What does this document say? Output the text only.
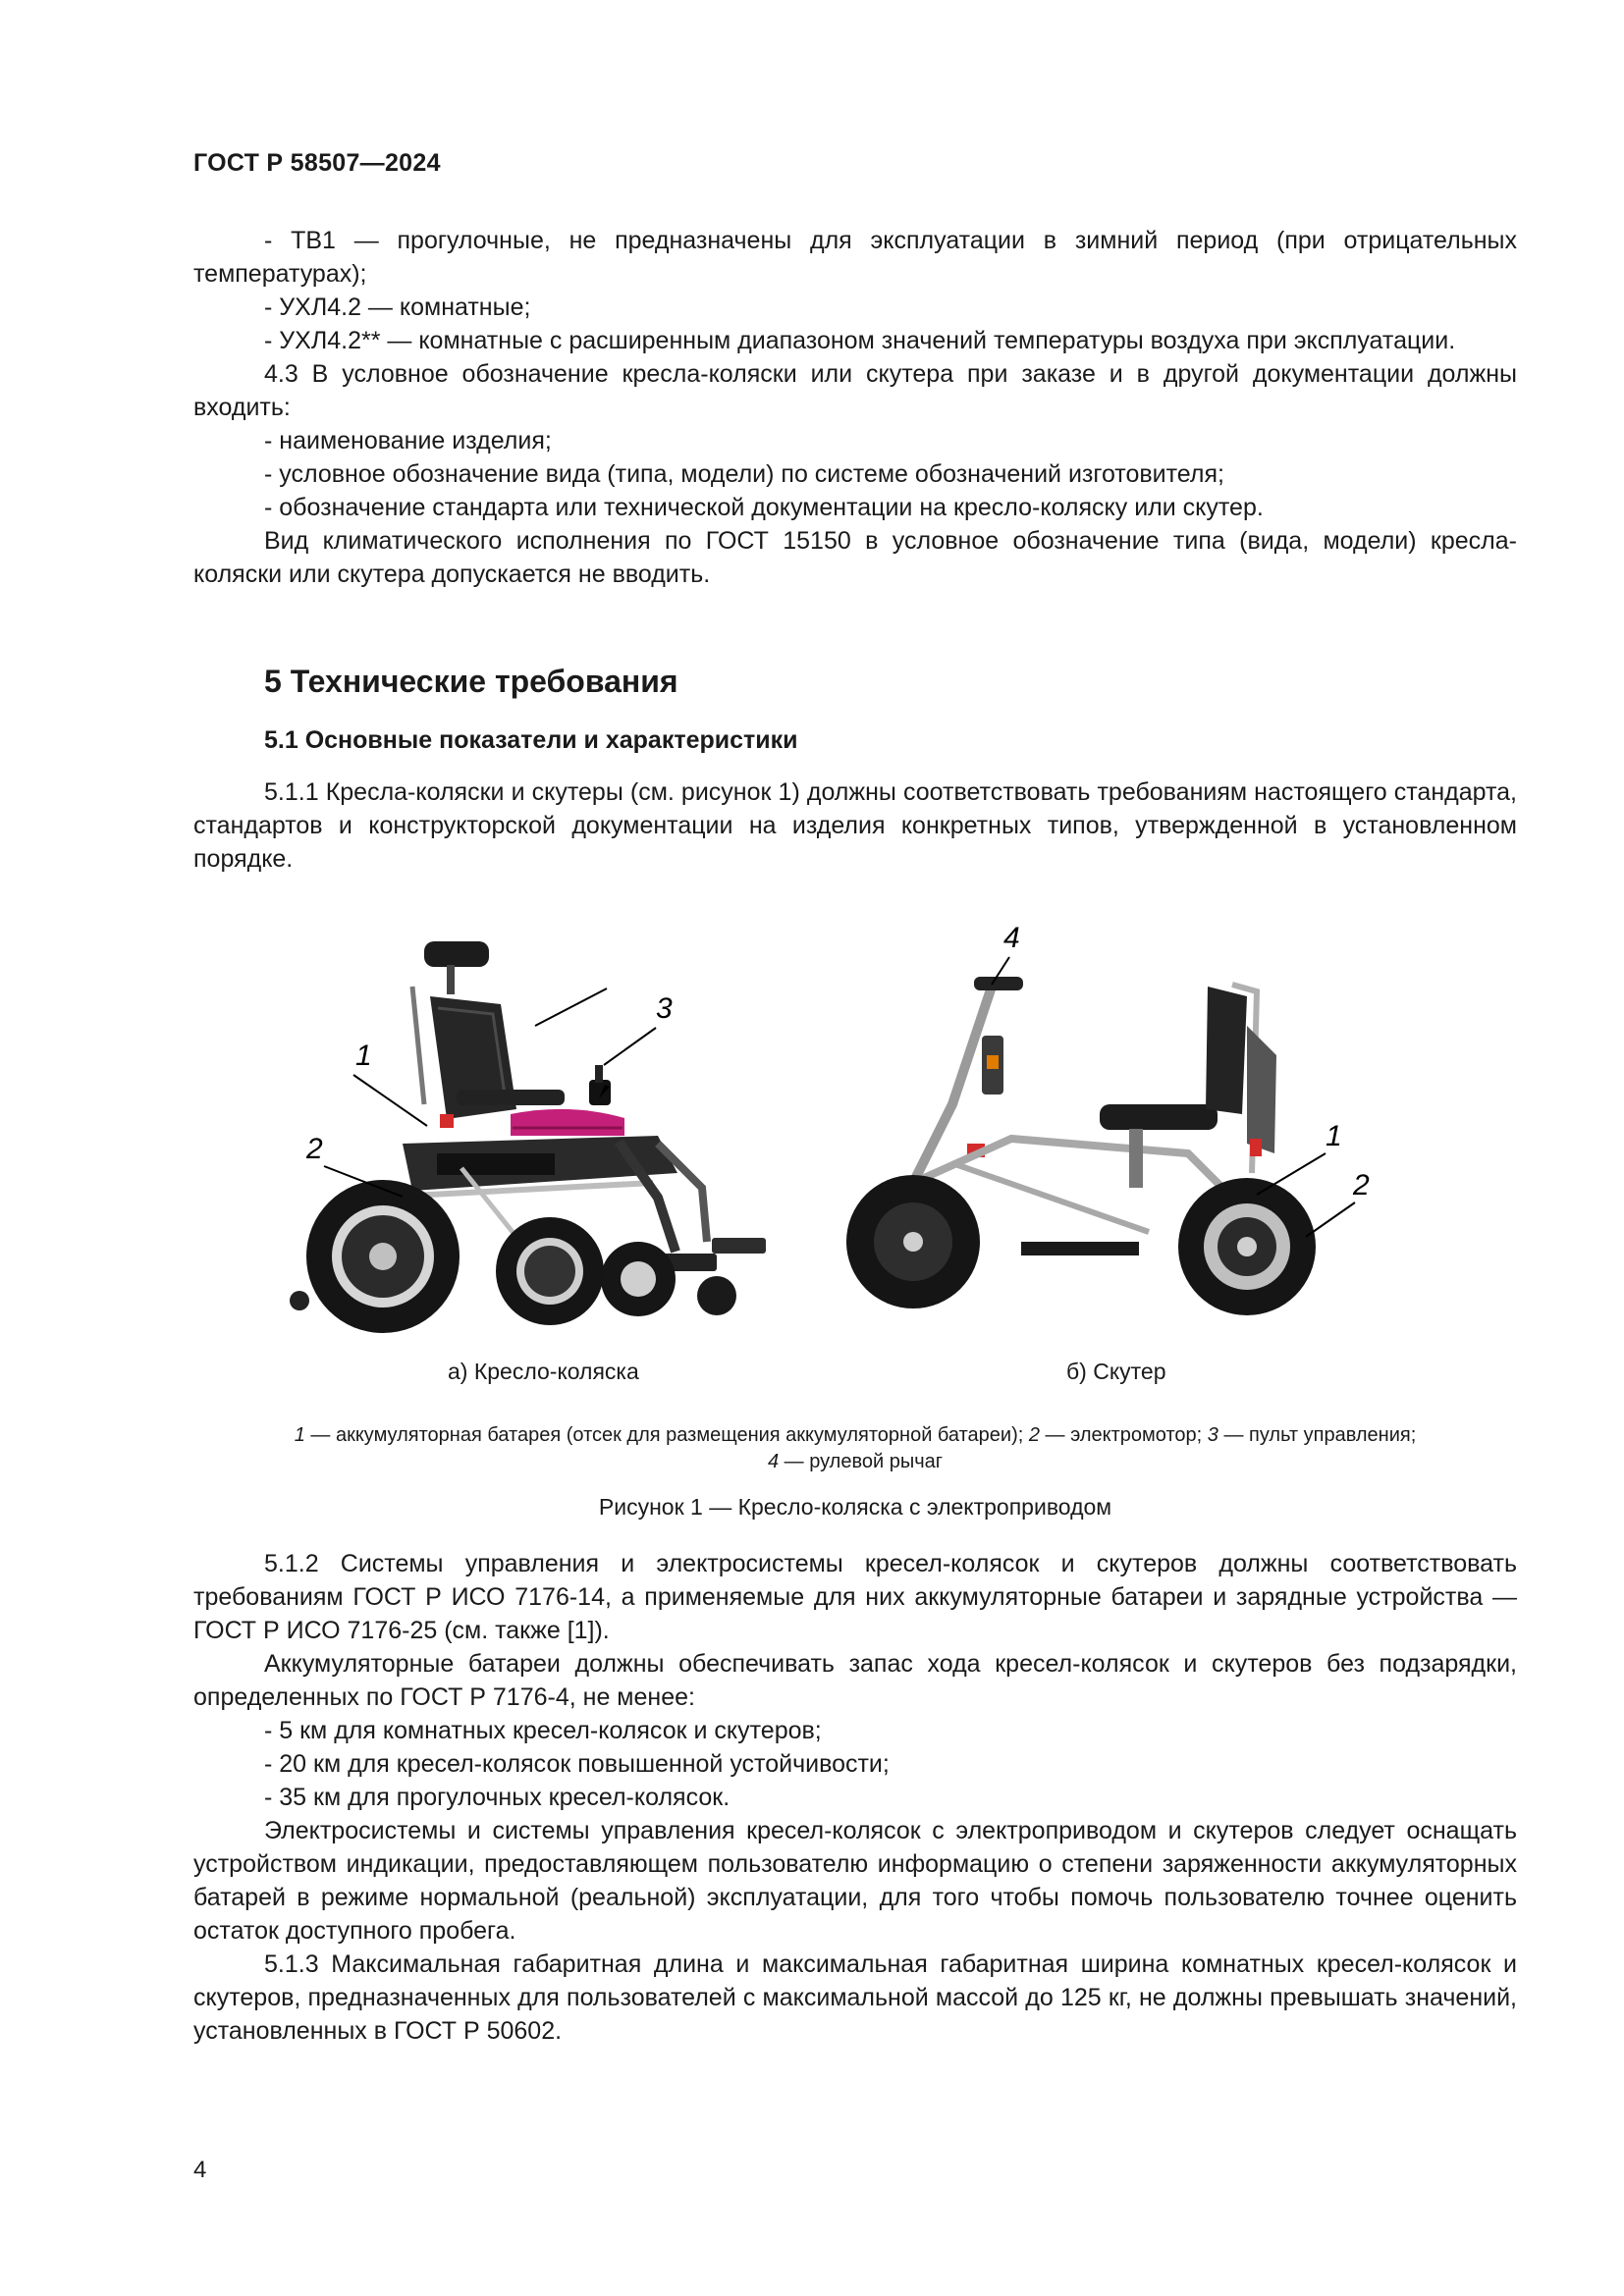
ГОСТ Р 58507—2024

- ТВ1 — прогулочные, не предназначены для эксплуатации в зимний период (при отрицательных температурах);

- УХЛ4.2 — комнатные;

- УХЛ4.2** — комнатные с расширенным диапазоном значений температуры воздуха при эксплуатации.

4.3 В условное обозначение кресла-коляски или скутера при заказе и в другой документации должны входить:

- наименование изделия;

- условное обозначение вида (типа, модели) по системе обозначений изготовителя;

- обозначение стандарта или технической документации на кресло-коляску или скутер.

Вид климатического исполнения по ГОСТ 15150 в условное обозначение типа (вида, модели) кресла-коляски или скутера допускается не вводить.

5 Технические требования
5.1 Основные показатели и характеристики

5.1.1 Кресла-коляски и скутеры (см. рисунок 1) должны соответствовать требованиям настоящего стандарта, стандартов и конструкторской документации на изделия конкретных типов, утвержденной в установленном порядке.

3
1
2
4
1
2
а) Кресло-коляска	б) Скутер
1 — аккумуляторная батарея (отсек для размещения аккумуляторной батареи); 2 — электромотор; 3 — пульт управления;
4 — рулевой рычаг
Рисунок 1 — Кресло-коляска с электроприводом

5.1.2 Системы управления и электросистемы кресел-колясок и скутеров должны соответствовать требованиям ГОСТ Р ИСО 7176-14, а применяемые для них аккумуляторные батареи и зарядные устройства — ГОСТ Р ИСО 7176-25 (см. также [1]).

Аккумуляторные батареи должны обеспечивать запас хода кресел-колясок и скутеров без подзарядки, определенных по ГОСТ Р 7176-4, не менее:

- 5 км для комнатных кресел-колясок и скутеров;

- 20 км для кресел-колясок повышенной устойчивости;

- 35 км для прогулочных кресел-колясок.

Электросистемы и системы управления кресел-колясок с электроприводом и скутеров следует оснащать устройством индикации, предоставляющем пользователю информацию о степени заряженности аккумуляторных батарей в режиме нормальной (реальной) эксплуатации, для того чтобы помочь пользователю точнее оценить остаток доступного пробега.

5.1.3 Максимальная габаритная длина и максимальная габаритная ширина комнатных кресел-колясок и скутеров, предназначенных для пользователей с максимальной массой до 125 кг, не должны превышать значений, установленных в ГОСТ Р 50602.

4
